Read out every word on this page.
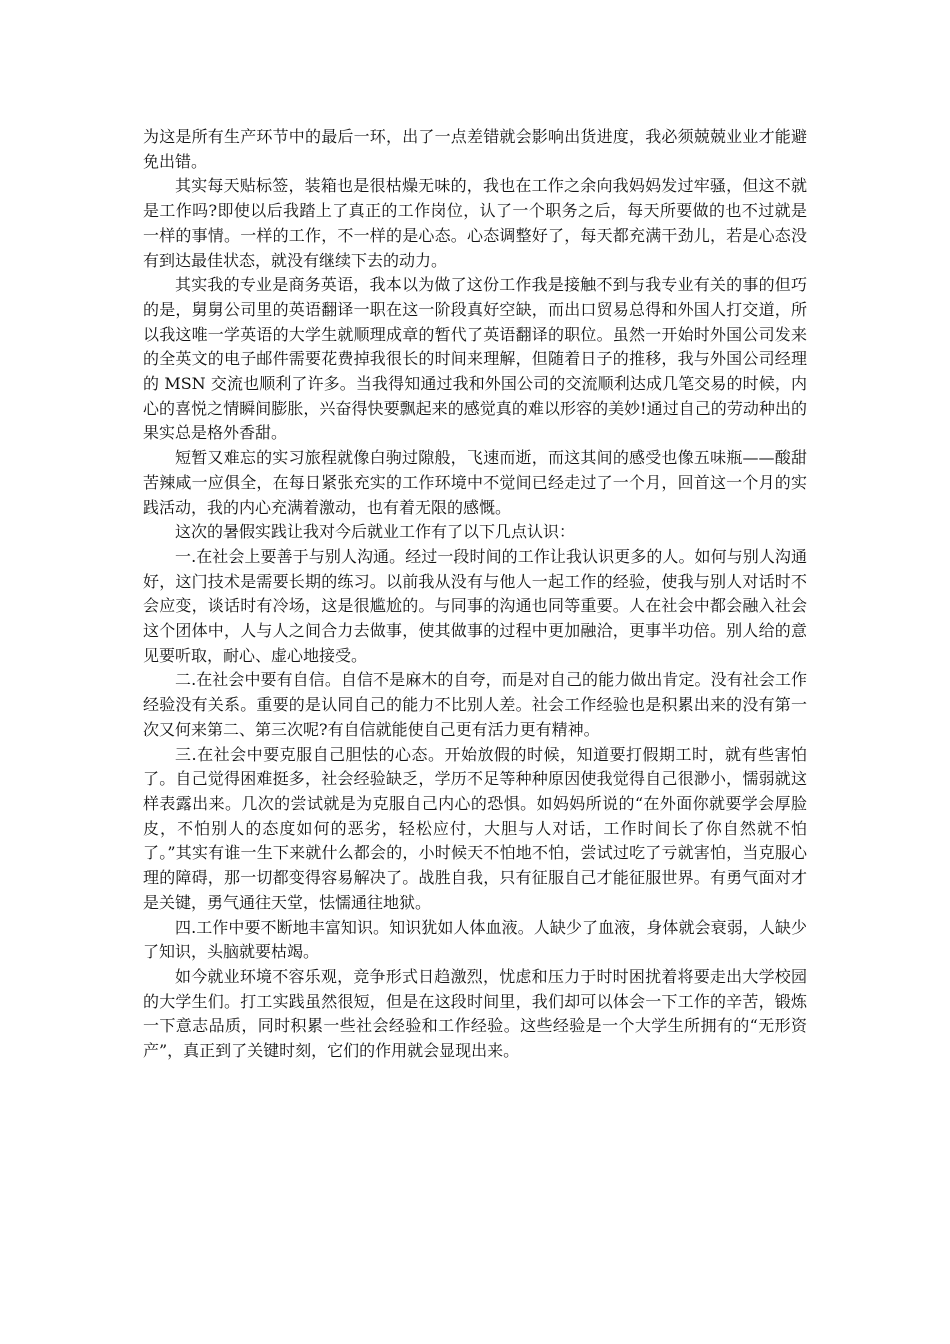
为这是所有生产环节中的最后一环，出了一点差错就会影响出货进度，我必须兢兢业业才能避免出错。

其实每天贴标签，装箱也是很枯燥无味的，我也在工作之余向我妈妈发过牢骚，但这不就是工作吗?即使以后我踏上了真正的工作岗位，认了一个职务之后，每天所要做的也不过就是一样的事情。一样的工作，不一样的是心态。心态调整好了，每天都充满干劲儿，若是心态没有到达最佳状态，就没有继续下去的动力。

其实我的专业是商务英语，我本以为做了这份工作我是接触不到与我专业有关的事的但巧的是，舅舅公司里的英语翻译一职在这一阶段真好空缺，而出口贸易总得和外国人打交道，所以我这唯一学英语的大学生就顺理成章的暂代了英语翻译的职位。虽然一开始时外国公司发来的全英文的电子邮件需要花费掉我很长的时间来理解，但随着日子的推移，我与外国公司经理的 MSN 交流也顺利了许多。当我得知通过我和外国公司的交流顺利达成几笔交易的时候，内心的喜悦之情瞬间膨胀，兴奋得快要飘起来的感觉真的难以形容的美妙!通过自己的劳动种出的果实总是格外香甜。

短暂又难忘的实习旅程就像白驹过隙般，飞速而逝，而这其间的感受也像五味瓶——酸甜苦辣咸一应俱全，在每日紧张充实的工作环境中不觉间已经走过了一个月，回首这一个月的实践活动，我的内心充满着激动，也有着无限的感慨。

这次的暑假实践让我对今后就业工作有了以下几点认识：

一.在社会上要善于与别人沟通。经过一段时间的工作让我认识更多的人。如何与别人沟通好，这门技术是需要长期的练习。以前我从没有与他人一起工作的经验，使我与别人对话时不会应变，谈话时有冷场，这是很尴尬的。与同事的沟通也同等重要。人在社会中都会融入社会这个团体中，人与人之间合力去做事，使其做事的过程中更加融洽，更事半功倍。别人给的意见要听取，耐心、虚心地接受。

二.在社会中要有自信。自信不是麻木的自夸，而是对自己的能力做出肯定。没有社会工作经验没有关系。重要的是认同自己的能力不比别人差。社会工作经验也是积累出来的没有第一次又何来第二、第三次呢?有自信就能使自己更有活力更有精神。

三.在社会中要克服自己胆怯的心态。开始放假的时候，知道要打假期工时，就有些害怕了。自己觉得困难挺多，社会经验缺乏，学历不足等种种原因使我觉得自己很渺小，懦弱就这样表露出来。几次的尝试就是为克服自己内心的恐惧。如妈妈所说的“在外面你就要学会厚脸皮，不怕别人的态度如何的恶劣，轻松应付，大胆与人对话，工作时间长了你自然就不怕了。”其实有谁一生下来就什么都会的，小时候天不怕地不怕，尝试过吃了亏就害怕，当克服心理的障碍，那一切都变得容易解决了。战胜自我，只有征服自己才能征服世界。有勇气面对才是关键，勇气通往天堂，怯懦通往地狱。

四.工作中要不断地丰富知识。知识犹如人体血液。人缺少了血液，身体就会衰弱，人缺少了知识，头脑就要枯竭。

如今就业环境不容乐观，竞争形式日趋激烈，忧虑和压力于时时困扰着将要走出大学校园的大学生们。打工实践虽然很短，但是在这段时间里，我们却可以体会一下工作的辛苦，锻炼一下意志品质，同时积累一些社会经验和工作经验。这些经验是一个大学生所拥有的“无形资产”，真正到了关键时刻，它们的作用就会显现出来。
